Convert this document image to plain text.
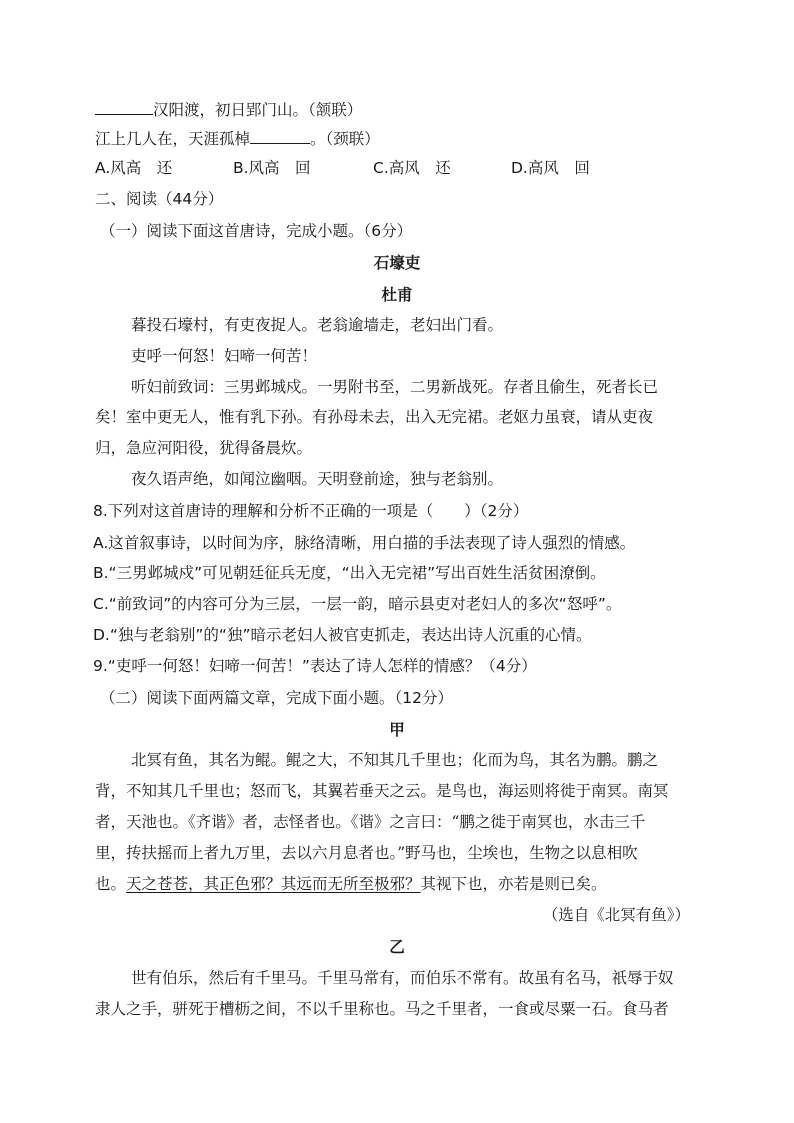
汉阳渡，初日郢门山。（颔联）
江上几人在，天涯孤棹	。（颈联）
A.风高　还	B.风高　回	C.高风　还	D.高风　回
二、阅读（44分）
（一）阅读下面这首唐诗，完成小题。（6分）
石壕吏
杜甫
暮投石壕村，有吏夜捉人。老翁逾墙走，老妇出门看。
吏呼一何怒！妇啼一何苦！
听妇前致词：三男邺城戍。一男附书至，二男新战死。存者且偷生，死者长已
矣！室中更无人，惟有乳下孙。有孙母未去，出入无完裙。老妪力虽衰，请从吏夜
归，急应河阳役，犹得备晨炊。
夜久语声绝，如闻泣幽咽。天明登前途，独与老翁别。
8.下列对这首唐诗的理解和分析不正确的一项是（　　）（2分）
A.这首叙事诗，以时间为序，脉络清晰，用白描的手法表现了诗人强烈的情感。
B.“三男邺城戍”可见朝廷征兵无度，“出入无完裙”写出百姓生活贫困潦倒。
C.“前致词”的内容可分为三层，一层一韵，暗示县吏对老妇人的多次“怒呼”。
D.“独与老翁别”的“独”暗示老妇人被官吏抓走，表达出诗人沉重的心情。
9.“吏呼一何怒！妇啼一何苦！”表达了诗人怎样的情感？（4分）
（二）阅读下面两篇文章，完成下面小题。（12分）
甲
北冥有鱼，其名为鲲。鲲之大，不知其几千里也；化而为鸟，其名为鹏。鹏之
背，不知其几千里也；怒而飞，其翼若垂天之云。是鸟也，海运则将徙于南冥。南冥
者，天池也。《齐谐》者，志怪者也。《谐》之言曰：“鹏之徙于南冥也，水击三千
里，抟扶摇而上者九万里，去以六月息者也。”野马也，尘埃也，生物之以息相吹
也。天之苍苍，其正色邪？其远而无所至极邪？其视下也，亦若是则已矣。
（选自《北冥有鱼》）
乙
世有伯乐，然后有千里马。千里马常有，而伯乐不常有。故虽有名马，祇辱于奴
隶人之手，骈死于槽枥之间，不以千里称也。马之千里者，一食或尽粟一石。食马者
